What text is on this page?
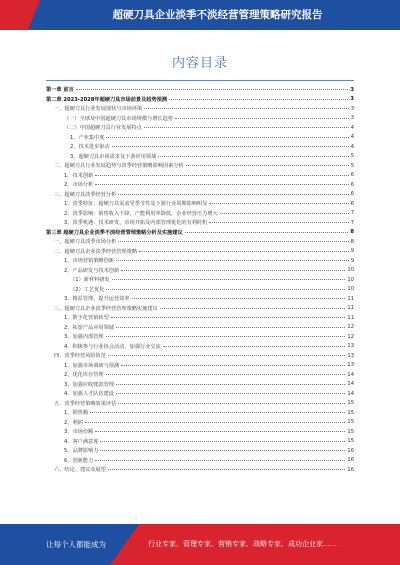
超硬刀具企业淡季不淡经营管理策略研究报告
内容目录
第一章 前言	3
第二章 2023-2028年超硬刀具市场前景及趋势预测	3
一、超硬刀具行业发展现状与市场环境	3
（一）全球及中国超硬刀具市场规模与增长趋势	3
（二）中国超硬刀具行业发展特点	4
1、产业集中度	4
2、技术进步驱动	4
3、超硬刀具市场需求及下游应用领域	5
二、超硬刀具行业发展趋势与淡季经营策略影响因素分析	5
1、技术创新	6
2、市场分析	6
三、超硬刀具淡季经营分析	6
1、淡季特征：超硬刀具需求受季节性及下游行业周期影响明显	6
2、淡季影响：销售收入下降，产能利用率降低，企业经营压力增大	7
3、淡季机遇：技术研发、市场开拓及内部管理优化的有利时机	7
第三章 超硬刀具企业淡季不淡经营管理策略分析及实施建议	8
一、超硬刀具淡季市场分析	8
二、超硬刀具企业淡季经营管理策略	9
1、市场营销策略创新	9
2、产品研发与技术创新	10
（1）新材料研发	10
（2）工艺优化	10
3、精益管理，提升运营效率	11
三、超硬刀具企业淡季经营管理策略实施建议	11
1、数字化营销转型	11
2、拓宽产品应用领域	12
3、加强内部管理	12
4、积极参与行业协会活动，加强行业交流	13
四、淡季经营风险防范	13
1、加强市场调研与预测	13
2、优化库存管理	14
3、加强应收账款管理	14
4、加强人才队伍建设	14
五、淡季经营策略效果评估	15
1、销售额	15
2、利润	15
3、市场份额	15
4、客户满意度	15
5、品牌影响力	16
6、创新能力	16
六、结论、建议及展望	16
让每个人都能成为	行业专家、管理专家、营销专家、战略专家、成功企业家……
